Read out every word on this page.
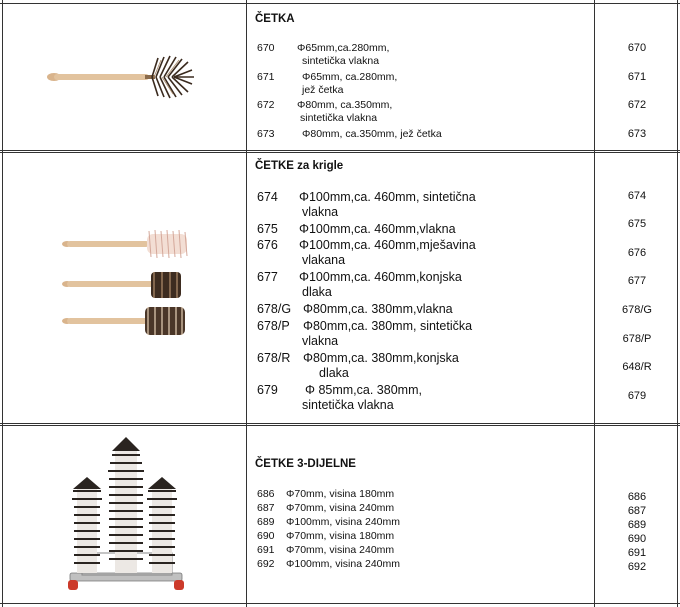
ČETKA
670 Φ65mm,ca.280mm,
sintetička vlakna
671	Φ65mm, ca.280mm,
jež četka
672 Φ80mm, ca.350mm,
sintetička vlakna
673	Φ80mm, ca.350mm, jež četka
670
671
672
673
ČETKE za krigle
674 Φ100mm,ca. 460mm, sintetična
vlakna
675 Φ100mm,ca. 460mm,vlakna
676 Φ100mm,ca. 460mm,mješavina
vlakana
677 Φ100mm,ca. 460mm,konjska
dlaka
678/G Φ80mm,ca. 380mm,vlakna
678/P Φ80mm,ca. 380mm, sintetička
vlakna
678/R Φ80mm,ca. 380mm,konjska
dlaka
679 Φ 85mm,ca. 380mm,
sintetička vlakna
674
675
676
677
678/G
678/P
648/R
679
ČETKE 3-DIJELNE
686 Φ70mm, visina 180mm
687 Φ70mm, visina 240mm
689 Φ100mm, visina 240mm
690 Φ70mm, visina 180mm
691 Φ70mm, visina 240mm
692 Φ100mm, visina 240mm
686
687
689
690
691
692
